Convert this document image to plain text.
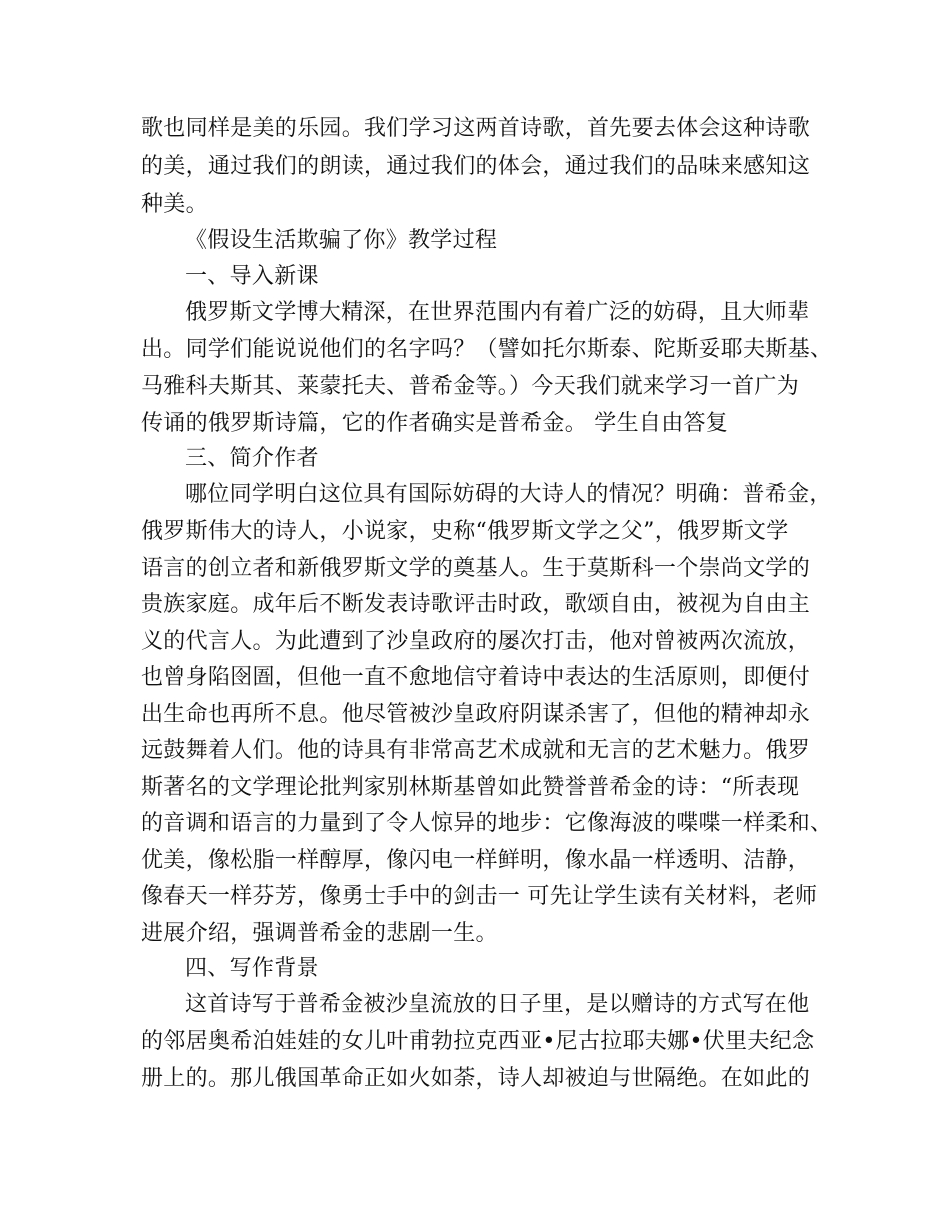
歌也同样是美的乐园。我们学习这两首诗歌，首先要去体会这种诗歌
的美，通过我们的朗读，通过我们的体会，通过我们的品味来感知这
种美。
《假设生活欺骗了你》教学过程
一、导入新课
俄罗斯文学博大精深，在世界范围内有着广泛的妨碍，且大师辈
出。同学们能说说他们的名字吗？（譬如托尔斯泰、陀斯妥耶夫斯基、
马雅科夫斯其、莱蒙托夫、普希金等。）今天我们就来学习一首广为
传诵的俄罗斯诗篇，它的作者确实是普希金。 学生自由答复
三、简介作者
哪位同学明白这位具有国际妨碍的大诗人的情况？明确：普希金，
俄罗斯伟大的诗人，小说家，史称“俄罗斯文学之父”，俄罗斯文学
语言的创立者和新俄罗斯文学的奠基人。生于莫斯科一个崇尚文学的
贵族家庭。成年后不断发表诗歌评击时政，歌颂自由，被视为自由主
义的代言人。为此遭到了沙皇政府的屡次打击，他对曾被两次流放，
也曾身陷囹圄，但他一直不愈地信守着诗中表达的生活原则，即便付
出生命也再所不息。他尽管被沙皇政府阴谋杀害了，但他的精神却永
远鼓舞着人们。他的诗具有非常高艺术成就和无言的艺术魅力。俄罗
斯著名的文学理论批判家别林斯基曾如此赞誉普希金的诗：“所表现
的音调和语言的力量到了令人惊异的地步：它像海波的喋喋一样柔和、
优美，像松脂一样醇厚，像闪电一样鲜明，像水晶一样透明、洁静，
像春天一样芬芳，像勇士手中的剑击一 可先让学生读有关材料，老师
进展介绍，强调普希金的悲剧一生。
四、写作背景
这首诗写于普希金被沙皇流放的日子里，是以赠诗的方式写在他
的邻居奥希泊娃娃的女儿叶甫勃拉克西亚•尼古拉耶夫娜•伏里夫纪念
册上的。那儿俄国革命正如火如荼，诗人却被迫与世隔绝。在如此的
